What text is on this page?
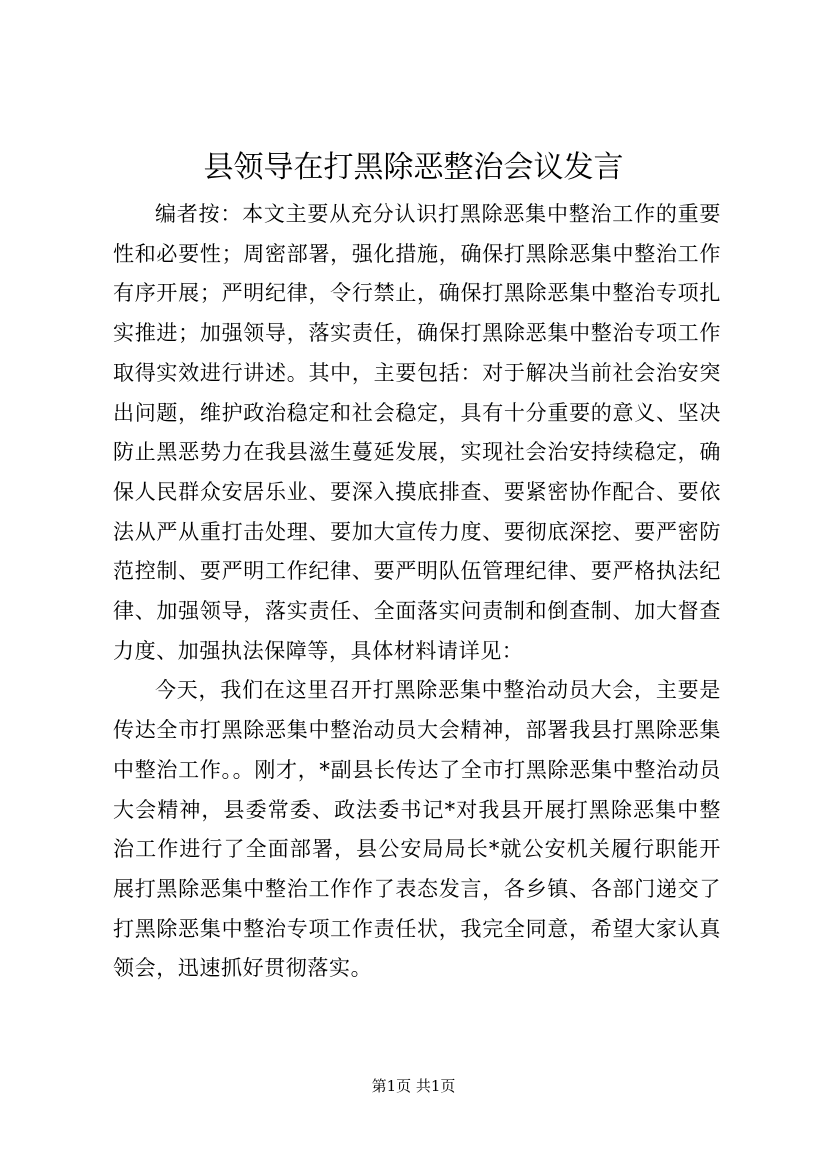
县领导在打黑除恶整治会议发言

编者按：本文主要从充分认识打黑除恶集中整治工作的重要性和必要性；周密部署，强化措施，确保打黑除恶集中整治工作有序开展；严明纪律，令行禁止，确保打黑除恶集中整治专项扎实推进；加强领导，落实责任，确保打黑除恶集中整治专项工作取得实效进行讲述。其中，主要包括：对于解决当前社会治安突出问题，维护政治稳定和社会稳定，具有十分重要的意义、坚决防止黑恶势力在我县滋生蔓延发展，实现社会治安持续稳定，确保人民群众安居乐业、要深入摸底排查、要紧密协作配合、要依法从严从重打击处理、要加大宣传力度、要彻底深挖、要严密防范控制、要严明工作纪律、要严明队伍管理纪律、要严格执法纪律、加强领导，落实责任、全面落实问责制和倒查制、加大督查力度、加强执法保障等，具体材料请详见：

今天，我们在这里召开打黑除恶集中整治动员大会，主要是传达全市打黑除恶集中整治动员大会精神，部署我县打黑除恶集中整治工作。。刚才，*副县长传达了全市打黑除恶集中整治动员大会精神，县委常委、政法委书记*对我县开展打黑除恶集中整治工作进行了全面部署，县公安局局长*就公安机关履行职能开展打黑除恶集中整治工作作了表态发言，各乡镇、各部门递交了打黑除恶集中整治专项工作责任状，我完全同意，希望大家认真领会，迅速抓好贯彻落实。

第1页 共1页
